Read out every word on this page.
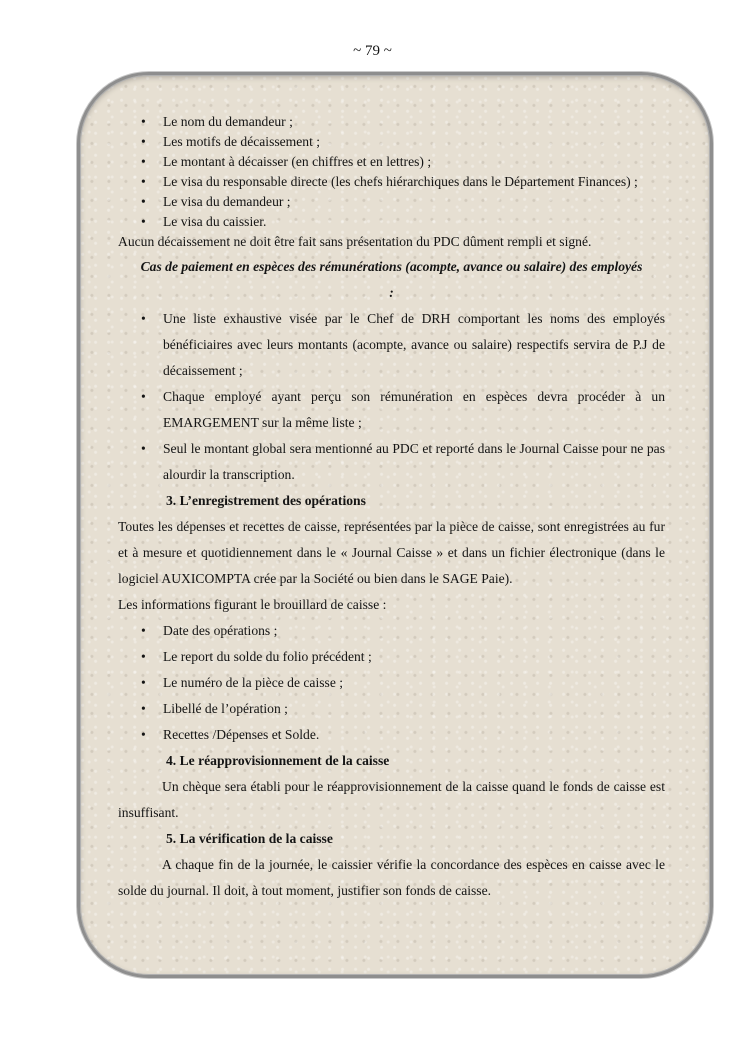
~ 79 ~
• Le nom du demandeur ;
• Les motifs de décaissement ;
• Le montant à décaisser (en chiffres et en lettres) ;
• Le visa du responsable directe (les chefs hiérarchiques dans le Département Finances) ;
• Le visa du demandeur ;
• Le visa du caissier.
Aucun décaissement ne doit être fait sans présentation du PDC dûment rempli et signé.
Cas de paiement en espèces des rémunérations (acompte, avance ou salaire) des employés :
• Une liste exhaustive visée par le Chef de DRH comportant les noms des employés bénéficiaires avec leurs montants (acompte, avance ou salaire) respectifs servira de P.J de décaissement ;
• Chaque employé ayant perçu son rémunération en espèces devra procéder à un EMARGEMENT sur la même liste ;
• Seul le montant global sera mentionné au PDC et reporté dans le Journal Caisse pour ne pas alourdir la transcription.
3. L’enregistrement des opérations
Toutes les dépenses et recettes de caisse, représentées par la pièce de caisse, sont enregistrées au fur et à mesure et quotidiennement dans le « Journal Caisse » et dans un fichier électronique (dans le logiciel AUXICOMPTA crée par la Société ou bien dans le SAGE Paie).
Les informations figurant le brouillard de caisse :
• Date des opérations ;
• Le report du solde du folio précédent ;
• Le numéro de la pièce de caisse ;
• Libellé de l’opération ;
• Recettes /Dépenses et Solde.
4. Le réapprovisionnement de la caisse
Un chèque sera établi pour le réapprovisionnement de la caisse quand le fonds de caisse est insuffisant.
5. La vérification de la caisse
A chaque fin de la journée, le caissier vérifie la concordance des espèces en caisse avec le solde du journal. Il doit, à tout moment, justifier son fonds de caisse.
